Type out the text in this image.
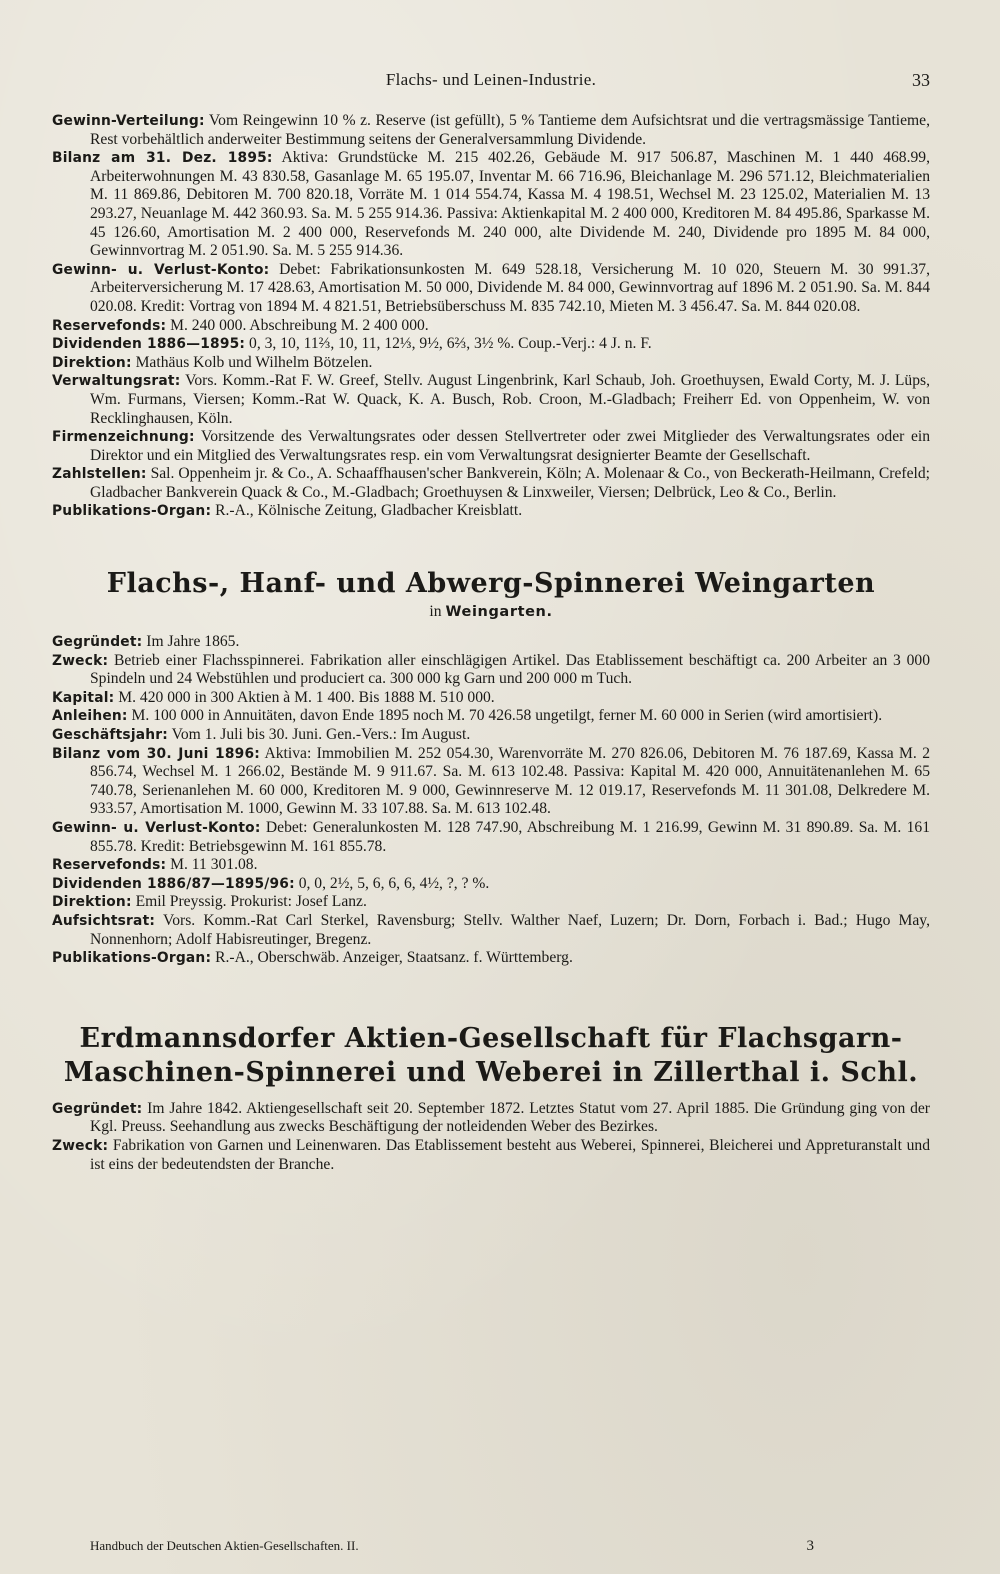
Flachs- und Leinen-Industrie.	33

Gewinn-Verteilung: Vom Reingewinn 10 % z. Reserve (ist gefüllt), 5 % Tantieme dem Aufsichtsrat und die vertragsmässige Tantieme, Rest vorbehältlich anderweiter Bestimmung seitens der Generalversammlung Dividende.

Bilanz am 31. Dez. 1895: Aktiva: Grundstücke M. 215 402.26, Gebäude M. 917 506.87, Maschinen M. 1 440 468.99, Arbeiterwohnungen M. 43 830.58, Gasanlage M. 65 195.07, Inventar M. 66 716.96, Bleichanlage M. 296 571.12, Bleichmaterialien M. 11 869.86, Debitoren M. 700 820.18, Vorräte M. 1 014 554.74, Kassa M. 4 198.51, Wechsel M. 23 125.02, Materialien M. 13 293.27, Neuanlage M. 442 360.93. Sa. M. 5 255 914.36. Passiva: Aktienkapital M. 2 400 000, Kreditoren M. 84 495.86, Sparkasse M. 45 126.60, Amortisation M. 2 400 000, Reservefonds M. 240 000, alte Dividende M. 240, Dividende pro 1895 M. 84 000, Gewinnvortrag M. 2 051.90. Sa. M. 5 255 914.36.

Gewinn- u. Verlust-Konto: Debet: Fabrikationsunkosten M. 649 528.18, Versicherung M. 10 020, Steuern M. 30 991.37, Arbeiterversicherung M. 17 428.63, Amortisation M. 50 000, Dividende M. 84 000, Gewinnvortrag auf 1896 M. 2 051.90. Sa. M. 844 020.08. Kredit: Vortrag von 1894 M. 4 821.51, Betriebsüberschuss M. 835 742.10, Mieten M. 3 456.47. Sa. M. 844 020.08.

Reservefonds: M. 240 000. Abschreibung M. 2 400 000.

Dividenden 1886—1895: 0, 3, 10, 11⅔, 10, 11, 12⅓, 9½, 6⅔, 3½ %. Coup.-Verj.: 4 J. n. F.

Direktion: Mathäus Kolb und Wilhelm Bötzelen.

Verwaltungsrat: Vors. Komm.-Rat F. W. Greef, Stellv. August Lingenbrink, Karl Schaub, Joh. Groethuysen, Ewald Corty, M. J. Lüps, Wm. Furmans, Viersen; Komm.-Rat W. Quack, K. A. Busch, Rob. Croon, M.-Gladbach; Freiherr Ed. von Oppenheim, W. von Recklinghausen, Köln.

Firmenzeichnung: Vorsitzende des Verwaltungsrates oder dessen Stellvertreter oder zwei Mitglieder des Verwaltungsrates oder ein Direktor und ein Mitglied des Verwaltungsrates resp. ein vom Verwaltungsrat designierter Beamte der Gesellschaft.

Zahlstellen: Sal. Oppenheim jr. & Co., A. Schaaffhausen'scher Bankverein, Köln; A. Molenaar & Co., von Beckerath-Heilmann, Crefeld; Gladbacher Bankverein Quack & Co., M.-Gladbach; Groethuysen & Linxweiler, Viersen; Delbrück, Leo & Co., Berlin.

Publikations-Organ: R.-A., Kölnische Zeitung, Gladbacher Kreisblatt.

Flachs-, Hanf- und Abwerg-Spinnerei Weingarten
in Weingarten.

Gegründet: Im Jahre 1865.

Zweck: Betrieb einer Flachsspinnerei. Fabrikation aller einschlägigen Artikel. Das Etablissement beschäftigt ca. 200 Arbeiter an 3 000 Spindeln und 24 Webstühlen und produciert ca. 300 000 kg Garn und 200 000 m Tuch.

Kapital: M. 420 000 in 300 Aktien à M. 1 400. Bis 1888 M. 510 000.

Anleihen: M. 100 000 in Annuitäten, davon Ende 1895 noch M. 70 426.58 ungetilgt, ferner M. 60 000 in Serien (wird amortisiert).

Geschäftsjahr: Vom 1. Juli bis 30. Juni. Gen.-Vers.: Im August.

Bilanz vom 30. Juni 1896: Aktiva: Immobilien M. 252 054.30, Warenvorräte M. 270 826.06, Debitoren M. 76 187.69, Kassa M. 2 856.74, Wechsel M. 1 266.02, Bestände M. 9 911.67. Sa. M. 613 102.48. Passiva: Kapital M. 420 000, Annuitätenanlehen M. 65 740.78, Serienanlehen M. 60 000, Kreditoren M. 9 000, Gewinnreserve M. 12 019.17, Reservefonds M. 11 301.08, Delkredere M. 933.57, Amortisation M. 1000, Gewinn M. 33 107.88. Sa. M. 613 102.48.

Gewinn- u. Verlust-Konto: Debet: Generalunkosten M. 128 747.90, Abschreibung M. 1 216.99, Gewinn M. 31 890.89. Sa. M. 161 855.78. Kredit: Betriebsgewinn M. 161 855.78.

Reservefonds: M. 11 301.08.

Dividenden 1886/87—1895/96: 0, 0, 2½, 5, 6, 6, 6, 4½, ?, ? %.

Direktion: Emil Preyssig. Prokurist: Josef Lanz.

Aufsichtsrat: Vors. Komm.-Rat Carl Sterkel, Ravensburg; Stellv. Walther Naef, Luzern; Dr. Dorn, Forbach i. Bad.; Hugo May, Nonnenhorn; Adolf Habisreutinger, Bregenz.

Publikations-Organ: R.-A., Oberschwäb. Anzeiger, Staatsanz. f. Württemberg.

Erdmannsdorfer Aktien-Gesellschaft für Flachsgarn-
Maschinen-Spinnerei und Weberei in Zillerthal i. Schl.

Gegründet: Im Jahre 1842. Aktiengesellschaft seit 20. September 1872. Letztes Statut vom 27. April 1885. Die Gründung ging von der Kgl. Preuss. Seehandlung aus zwecks Beschäftigung der notleidenden Weber des Bezirkes.

Zweck: Fabrikation von Garnen und Leinenwaren. Das Etablissement besteht aus Weberei, Spinnerei, Bleicherei und Appreturanstalt und ist eins der bedeutendsten der Branche.

Handbuch der Deutschen Aktien-Gesellschaften. II.	3
